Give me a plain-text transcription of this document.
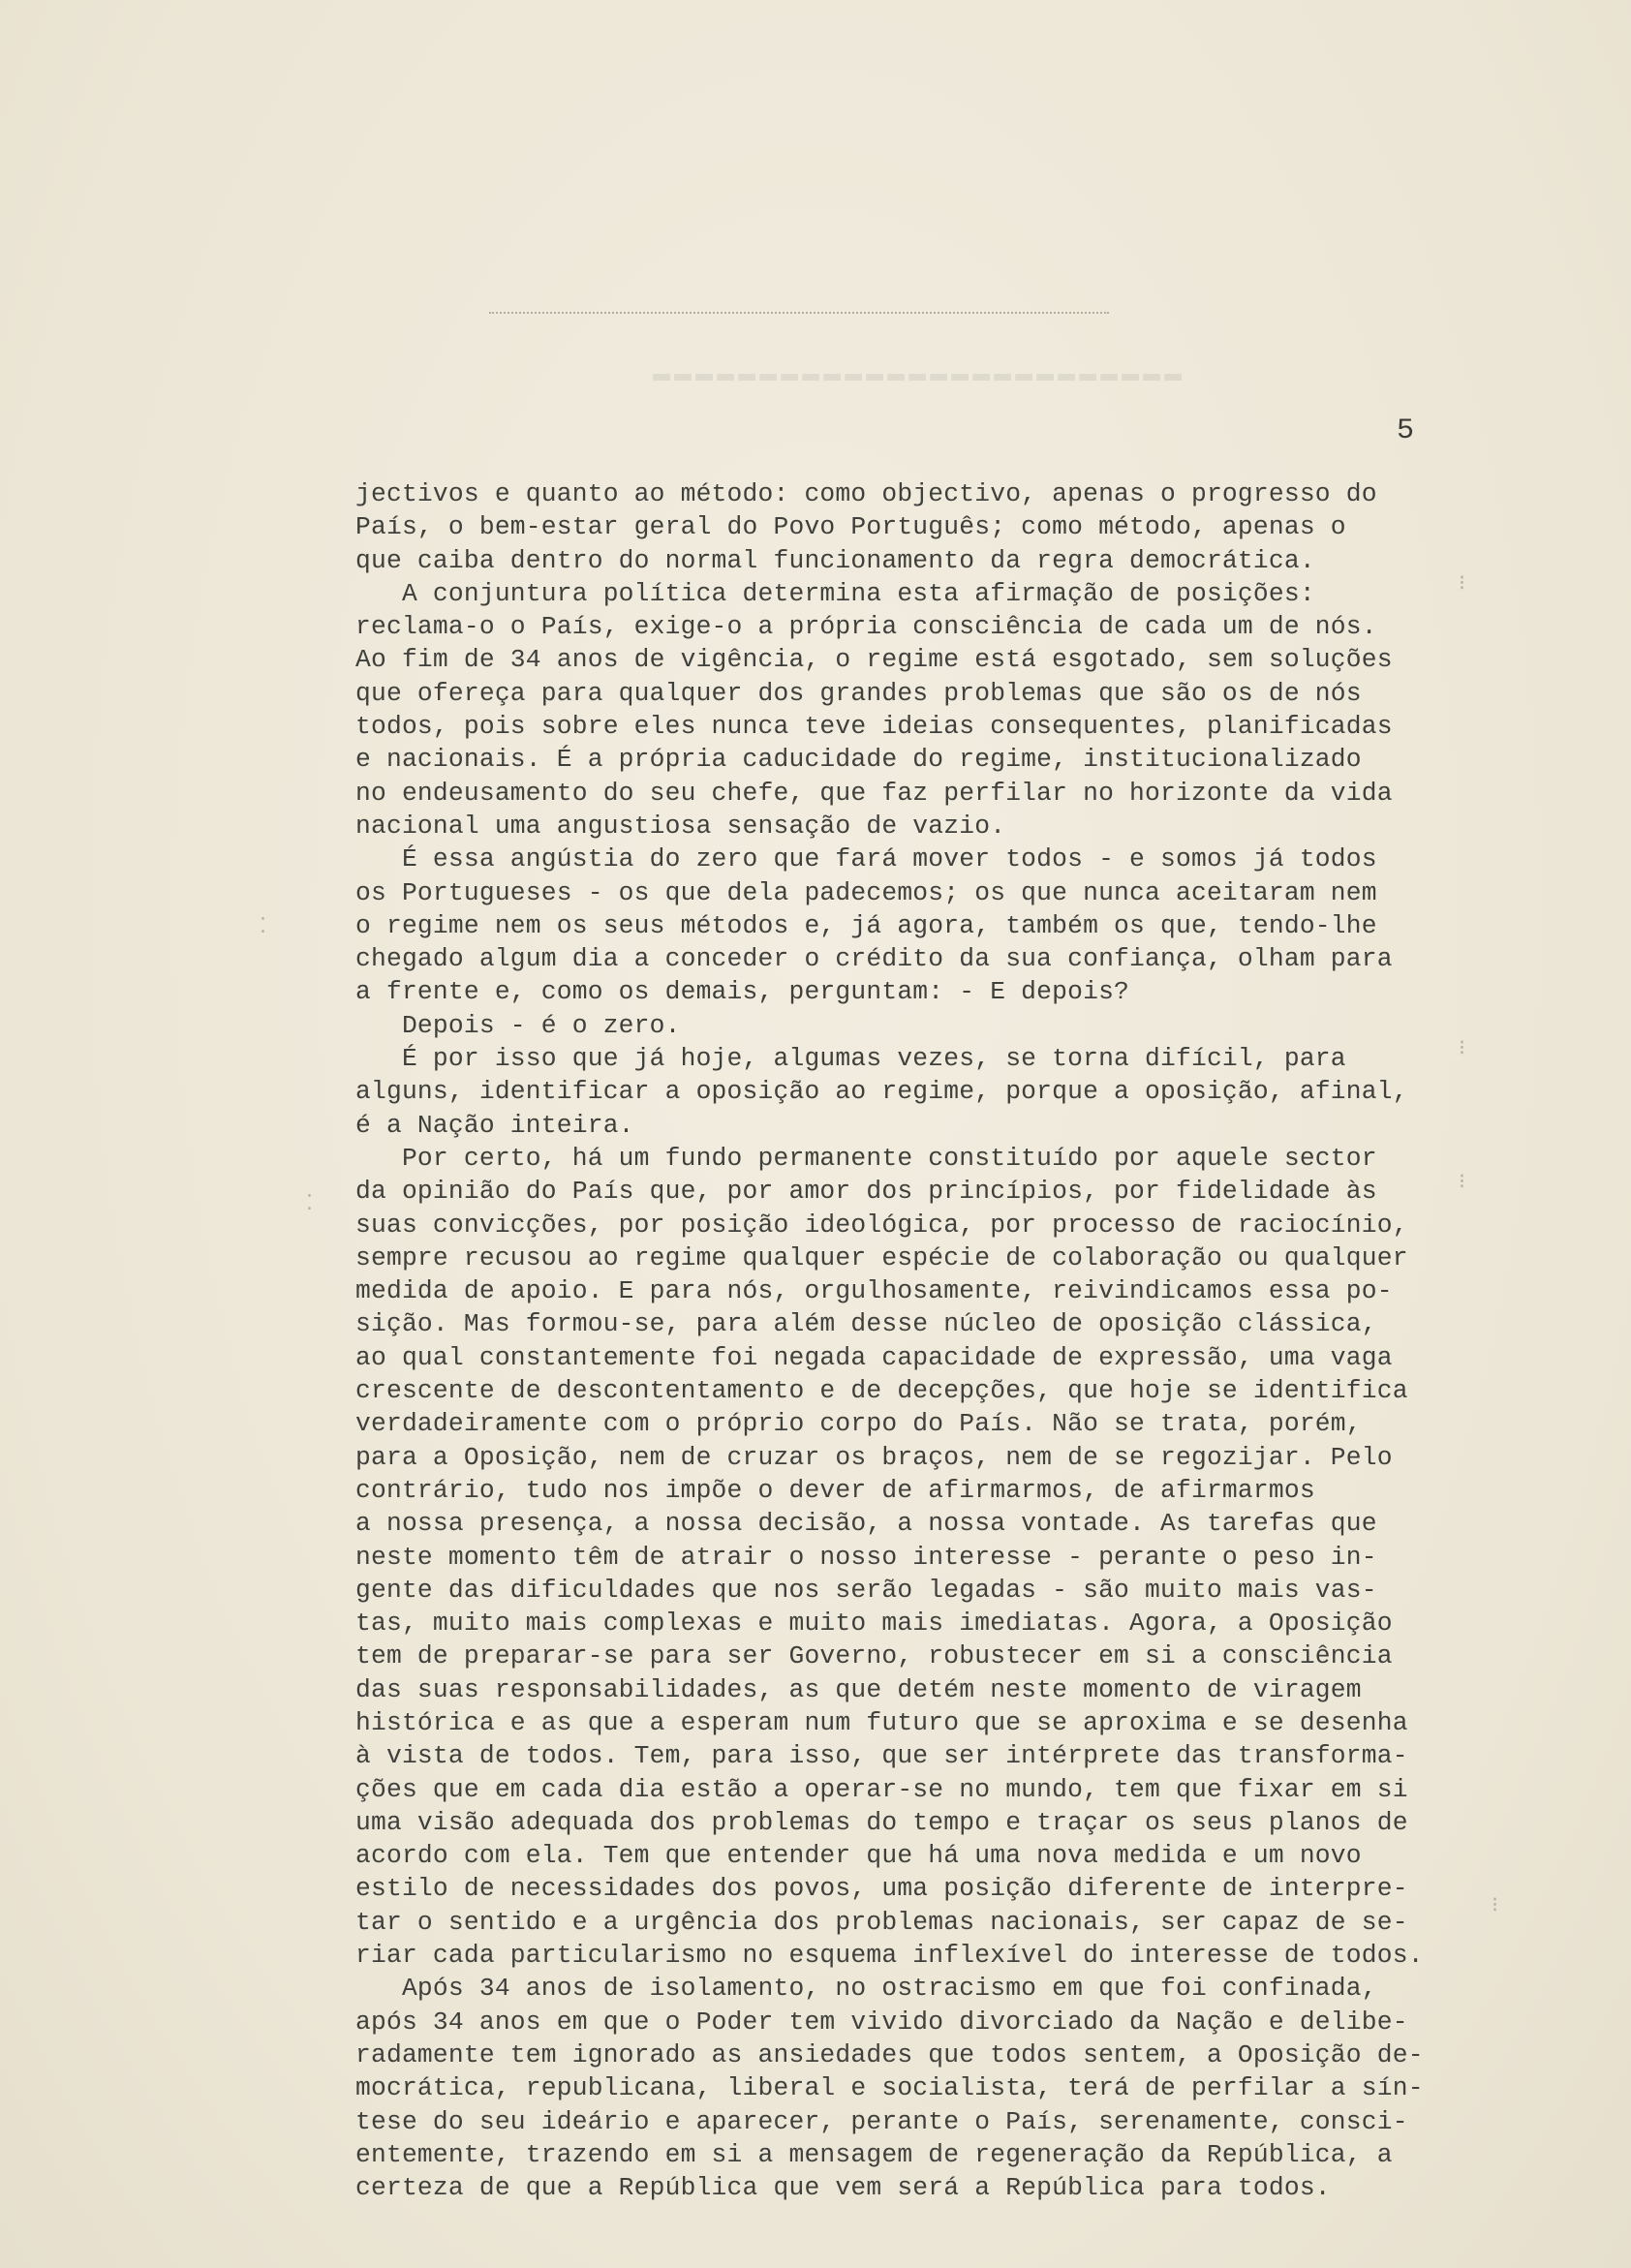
▬▬▬▬▬▬▬▬▬▬▬▬▬▬▬▬▬▬▬▬▬▬▬▬▬
5
⁝
⁝
⁝
⁝
⁚
⁚
jectivos e quanto ao método: como objectivo, apenas o progresso do
País, o bem-estar geral do Povo Português; como método, apenas o
que caiba dentro do normal funcionamento da regra democrática.
A conjuntura política determina esta afirmação de posições:
reclama-o o País, exige-o a própria consciência de cada um de nós.
Ao fim de 34 anos de vigência, o regime está esgotado, sem soluções
que ofereça para qualquer dos grandes problemas que são os de nós
todos, pois sobre eles nunca teve ideias consequentes, planificadas
e nacionais. É a própria caducidade do regime, institucionalizado
no endeusamento do seu chefe, que faz perfilar no horizonte da vida
nacional uma angustiosa sensação de vazio.
É essa angústia do zero que fará mover todos - e somos já todos
os Portugueses - os que dela padecemos; os que nunca aceitaram nem
o regime nem os seus métodos e, já agora, também os que, tendo-lhe
chegado algum dia a conceder o crédito da sua confiança, olham para
a frente e, como os demais, perguntam: - E depois?
Depois - é o zero.
É por isso que já hoje, algumas vezes, se torna difícil, para
alguns, identificar a oposição ao regime, porque a oposição, afinal,
é a Nação inteira.
Por certo, há um fundo permanente constituído por aquele sector
da opinião do País que, por amor dos princípios, por fidelidade às
suas convicções, por posição ideológica, por processo de raciocínio,
sempre recusou ao regime qualquer espécie de colaboração ou qualquer
medida de apoio. E para nós, orgulhosamente, reivindicamos essa po-
sição. Mas formou-se, para além desse núcleo de oposição clássica,
ao qual constantemente foi negada capacidade de expressão, uma vaga
crescente de descontentamento e de decepções, que hoje se identifica
verdadeiramente com o próprio corpo do País. Não se trata, porém,
para a Oposição, nem de cruzar os braços, nem de se regozijar. Pelo
contrário, tudo nos impõe o dever de afirmarmos, de afirmarmos
a nossa presença, a nossa decisão, a nossa vontade. As tarefas que
neste momento têm de atrair o nosso interesse - perante o peso in-
gente das dificuldades que nos serão legadas - são muito mais vas-
tas, muito mais complexas e muito mais imediatas. Agora, a Oposição
tem de preparar-se para ser Governo, robustecer em si a consciência
das suas responsabilidades, as que detém neste momento de viragem
histórica e as que a esperam num futuro que se aproxima e se desenha
à vista de todos. Tem, para isso, que ser intérprete das transforma-
ções que em cada dia estão a operar-se no mundo, tem que fixar em si
uma visão adequada dos problemas do tempo e traçar os seus planos de
acordo com ela. Tem que entender que há uma nova medida e um novo
estilo de necessidades dos povos, uma posição diferente de interpre-
tar o sentido e a urgência dos problemas nacionais, ser capaz de se-
riar cada particularismo no esquema inflexível do interesse de todos.
Após 34 anos de isolamento, no ostracismo em que foi confinada,
após 34 anos em que o Poder tem vivido divorciado da Nação e delibe-
radamente tem ignorado as ansiedades que todos sentem, a Oposição de-
mocrática, republicana, liberal e socialista, terá de perfilar a sín-
tese do seu ideário e aparecer, perante o País, serenamente, consci-
entemente, trazendo em si a mensagem de regeneração da República, a
certeza de que a República que vem será a República para todos.
